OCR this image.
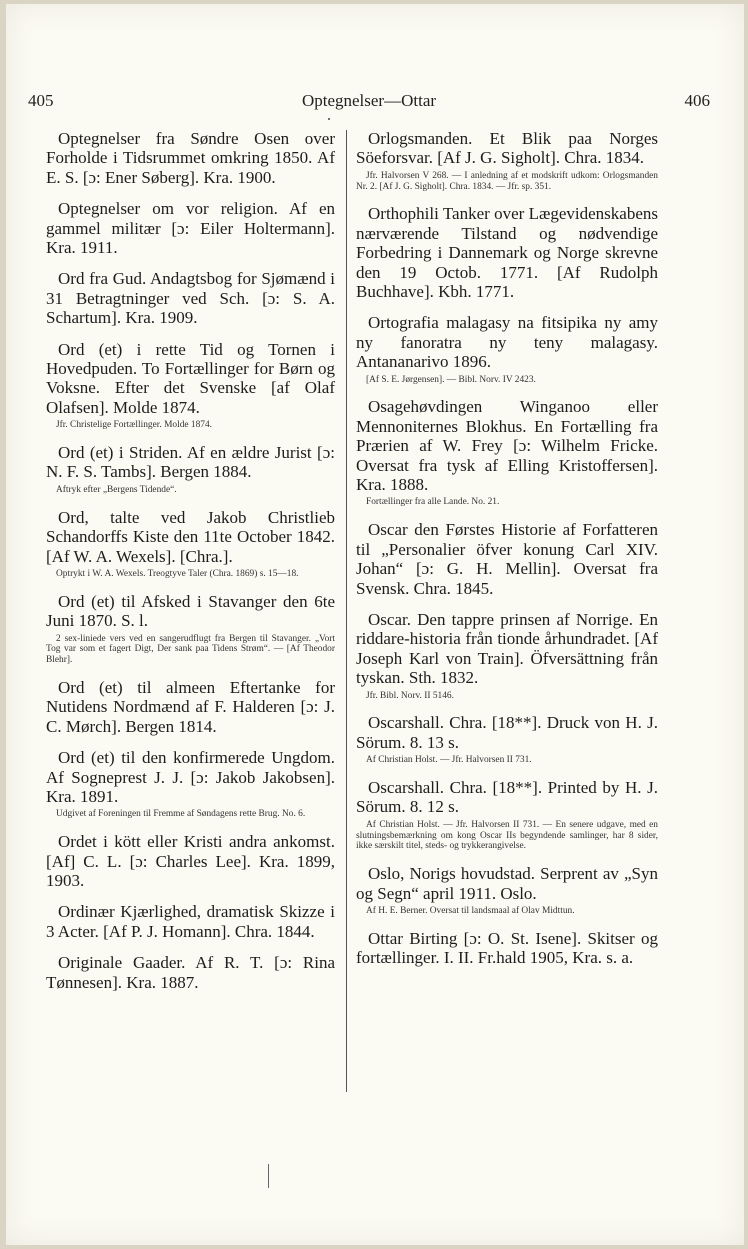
405	Optegnelser—Ottar	406

Optegnelser fra Søndre Osen over Forholde i Tidsrummet omkring 1850. Af E. S. [ɔ: Ener Søberg]. Kra. 1900.

Optegnelser om vor religion. Af en gammel militær [ɔ: Eiler Holtermann]. Kra. 1911.

Ord fra Gud. Andagtsbog for Sjømænd i 31 Betragtninger ved Sch. [ɔ: S. A. Schartum]. Kra. 1909.

Ord (et) i rette Tid og Tornen i Hovedpuden. To Fortællinger for Børn og Voksne. Efter det Svenske [af Olaf Olafsen]. Molde 1874.

Jfr. Christelige Fortællinger. Molde 1874.

Ord (et) i Striden. Af en ældre Jurist [ɔ: N. F. S. Tambs]. Bergen 1884.

Aftryk efter „Bergens Tidende“.

Ord, talte ved Jakob Christlieb Schandorffs Kiste den 11te October 1842. [Af W. A. Wexels]. [Chra.].

Optrykt i W. A. Wexels. Treogtyve Taler (Chra. 1869) s. 15—18.

Ord (et) til Afsked i Stavanger den 6te Juni 1870. S. l.

2 sex-liniede vers ved en sangerudflugt fra Bergen til Stavanger. „Vort Tog var som et fagert Digt, Der sank paa Tidens Strøm“. — [Af Theodor Blehr].

Ord (et) til almeen Eftertanke for Nutidens Nordmænd af F. Halderen [ɔ: J. C. Mørch]. Bergen 1814.

Ord (et) til den konfirmerede Ungdom. Af Sogneprest J. J. [ɔ: Jakob Jakobsen]. Kra. 1891.

Udgivet af Foreningen til Fremme af Søndagens rette Brug. No. 6.

Ordet i kött eller Kristi andra ankomst. [Af] C. L. [ɔ: Charles Lee]. Kra. 1899, 1903.

Ordinær Kjærlighed, dramatisk Skizze i 3 Acter. [Af P. J. Homann]. Chra. 1844.

Originale Gaader. Af R. T. [ɔ: Rina Tønnesen]. Kra. 1887.

Orlogsmanden. Et Blik paa Norges Söeforsvar. [Af J. G. Sigholt]. Chra. 1834.

Jfr. Halvorsen V 268. — I anledning af et modskrift udkom: Orlogsmanden Nr. 2. [Af J. G. Sigholt]. Chra. 1834. — Jfr. sp. 351.

Orthophili Tanker over Lægevidenskabens nærværende Tilstand og nødvendige Forbedring i Dannemark og Norge skrevne den 19 Octob. 1771. [Af Rudolph Buchhave]. Kbh. 1771.

Ortografia malagasy na fitsipika ny amy ny fanoratra ny teny malagasy. Antananarivo 1896.

[Af S. E. Jørgensen]. — Bibl. Norv. IV 2423.

Osagehøvdingen Winganoo eller Mennoniternes Blokhus. En Fortælling fra Prærien af W. Frey [ɔ: Wilhelm Fricke. Oversat fra tysk af Elling Kristoffersen]. Kra. 1888.

Fortællinger fra alle Lande. No. 21.

Oscar den Førstes Historie af Forfatteren til „Personalier öfver konung Carl XIV. Johan“ [ɔ: G. H. Mellin]. Oversat fra Svensk. Chra. 1845.

Oscar. Den tappre prinsen af Norrige. En riddare-historia från tionde århundradet. [Af Joseph Karl von Train]. Öfversättning från tyskan. Sth. 1832.

Jfr. Bibl. Norv. II 5146.

Oscarshall. Chra. [18**]. Druck von H. J. Sörum. 8. 13 s.

Af Christian Holst. — Jfr. Halvorsen II 731.

Oscarshall. Chra. [18**]. Printed by H. J. Sörum. 8. 12 s.

Af Christian Holst. — Jfr. Halvorsen II 731. — En senere udgave, med en slutningsbemærkning om kong Oscar IIs begyndende samlinger, har 8 sider, ikke særskilt titel, steds- og trykkerangivelse.

Oslo, Norigs hovudstad. Serprent av „Syn og Segn“ april 1911. Oslo.

Af H. E. Berner. Oversat til landsmaal af Olav Midttun.

Ottar Birting [ɔ: O. St. Isene]. Skitser og fortællinger. I. II. Fr.hald 1905, Kra. s. a.
